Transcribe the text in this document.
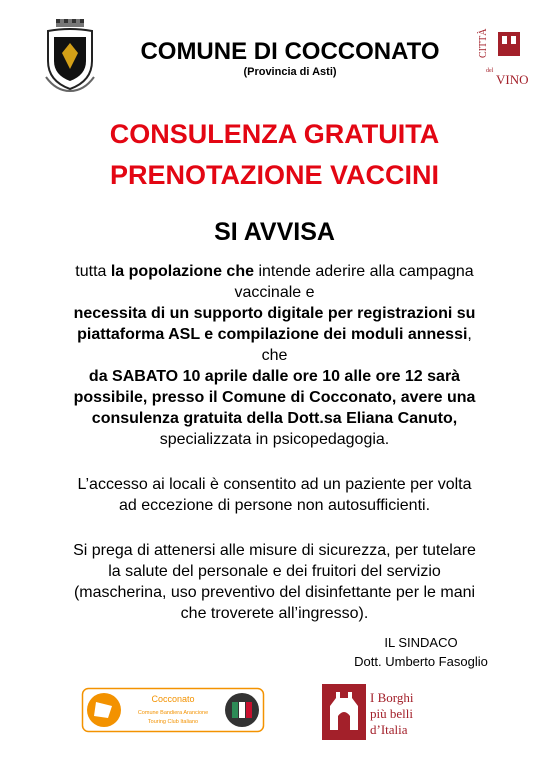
COMUNE DI COCCONATO
(Provincia di Asti)
CITTÀ
del
VINO
CONSULENZA GRATUITA
PRENOTAZIONE VACCINI
SI AVVISA
tutta la popolazione che intende aderire alla campagna
vaccinale e
necessita di un supporto digitale per registrazioni su
piattaforma ASL e compilazione dei moduli annessi,
che
da SABATO 10 aprile dalle ore 10 alle ore 12 sarà
possibile, presso il Comune di Cocconato, avere una
consulenza gratuita della Dott.sa Eliana Canuto,
specializzata in psicopedagogia.
L’accesso ai locali è consentito ad un paziente per volta
ad eccezione di persone non autosufficienti.
Si prega di attenersi alle misure di sicurezza, per tutelare
la salute del personale e dei fruitori del servizio
(mascherina, uso preventivo del disinfettante per le mani
che troverete all’ingresso).
IL SINDACO
Dott. Umberto Fasoglio
Cocconato
Comune Bandiera Arancione
Touring Club Italiano
I Borghi
più belli
d’Italia
